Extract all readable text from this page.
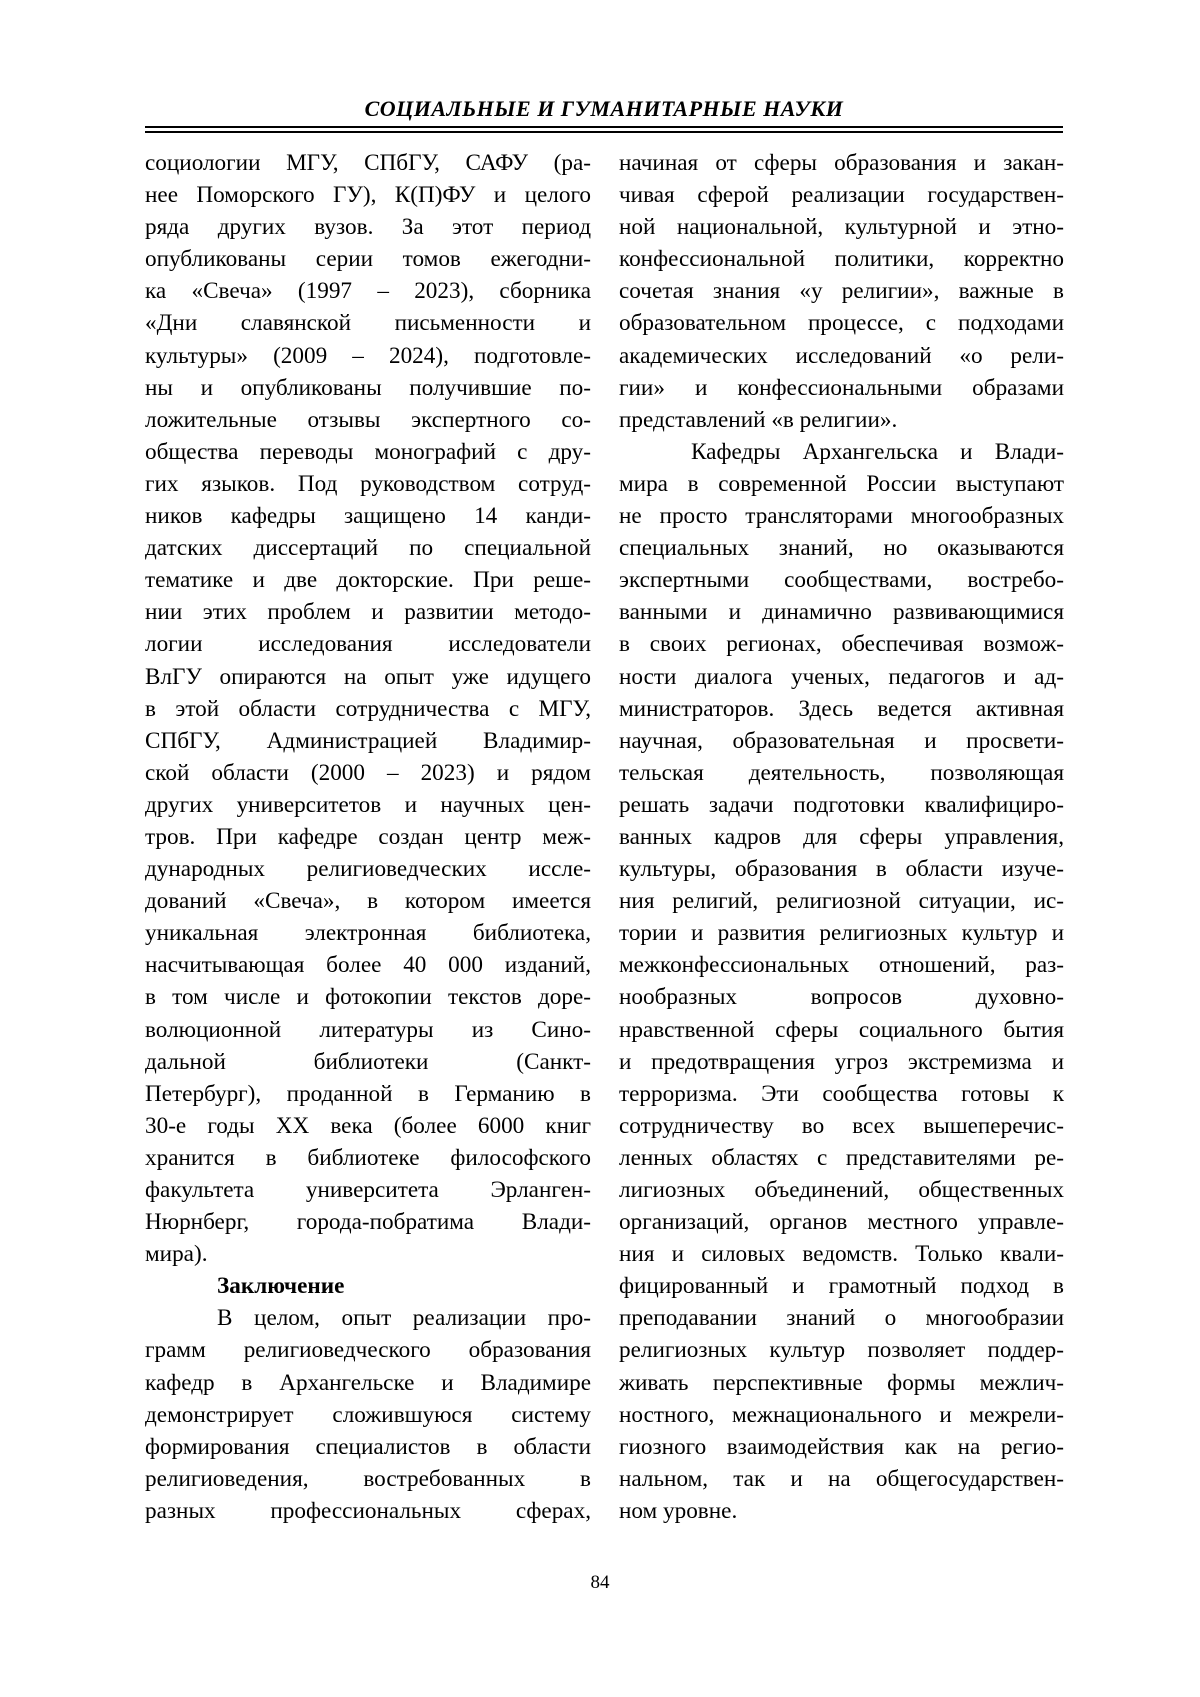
СОЦИАЛЬНЫЕ И ГУМАНИТАРНЫЕ НАУКИ
социологии МГУ, СПбГУ, САФУ (ра-
нее Поморского ГУ), К(П)ФУ и целого
ряда других вузов. За этот период
опубликованы серии томов ежегодни-
ка «Свеча» (1997 – 2023), сборника
«Дни славянской письменности и
культуры» (2009 – 2024), подготовле-
ны и опубликованы получившие по-
ложительные отзывы экспертного со-
общества переводы монографий с дру-
гих языков. Под руководством сотруд-
ников кафедры защищено 14 канди-
датских диссертаций по специальной
тематике и две докторские. При реше-
нии этих проблем и развитии методо-
логии исследования исследователи
ВлГУ опираются на опыт уже идущего
в этой области сотрудничества с МГУ,
СПбГУ, Администрацией Владимир-
ской области (2000 – 2023) и рядом
других университетов и научных цен-
тров. При кафедре создан центр меж-
дународных религиоведческих иссле-
дований «Свеча», в котором имеется
уникальная электронная библиотека,
насчитывающая более 40 000 изданий,
в том числе и фотокопии текстов доре-
волюционной литературы из Сино-
дальной библиотеки (Санкт-
Петербург), проданной в Германию в
30-е годы XX века (более 6000 книг
хранится в библиотеке философского
факультета университета Эрланген-
Нюрнберг, города-побратима Влади-
мира).
Заключение
В целом, опыт реализации про-
грамм религиоведческого образования
кафедр в Архангельске и Владимире
демонстрирует сложившуюся систему
формирования специалистов в области
религиоведения, востребованных в
разных профессиональных сферах,
начиная от сферы образования и закан-
чивая сферой реализации государствен-
ной национальной, культурной и этно-
конфессиональной политики, корректно
сочетая знания «у религии», важные в
образовательном процессе, с подходами
академических исследований «о рели-
гии» и конфессиональными образами
представлений «в религии».
Кафедры Архангельска и Влади-
мира в современной России выступают
не просто трансляторами многообразных
специальных знаний, но оказываются
экспертными сообществами, востребо-
ванными и динамично развивающимися
в своих регионах, обеспечивая возмож-
ности диалога ученых, педагогов и ад-
министраторов. Здесь ведется активная
научная, образовательная и просвети-
тельская деятельность, позволяющая
решать задачи подготовки квалифициро-
ванных кадров для сферы управления,
культуры, образования в области изуче-
ния религий, религиозной ситуации, ис-
тории и развития религиозных культур и
межконфессиональных отношений, раз-
нообразных вопросов духовно-
нравственной сферы социального бытия
и предотвращения угроз экстремизма и
терроризма. Эти сообщества готовы к
сотрудничеству во всех вышеперечис-
ленных областях с представителями ре-
лигиозных объединений, общественных
организаций, органов местного управле-
ния и силовых ведомств. Только квали-
фицированный и грамотный подход в
преподавании знаний о многообразии
религиозных культур позволяет поддер-
живать перспективные формы межлич-
ностного, межнационального и межрели-
гиозного взаимодействия как на регио-
нальном, так и на общегосударствен-
ном уровне.
84
